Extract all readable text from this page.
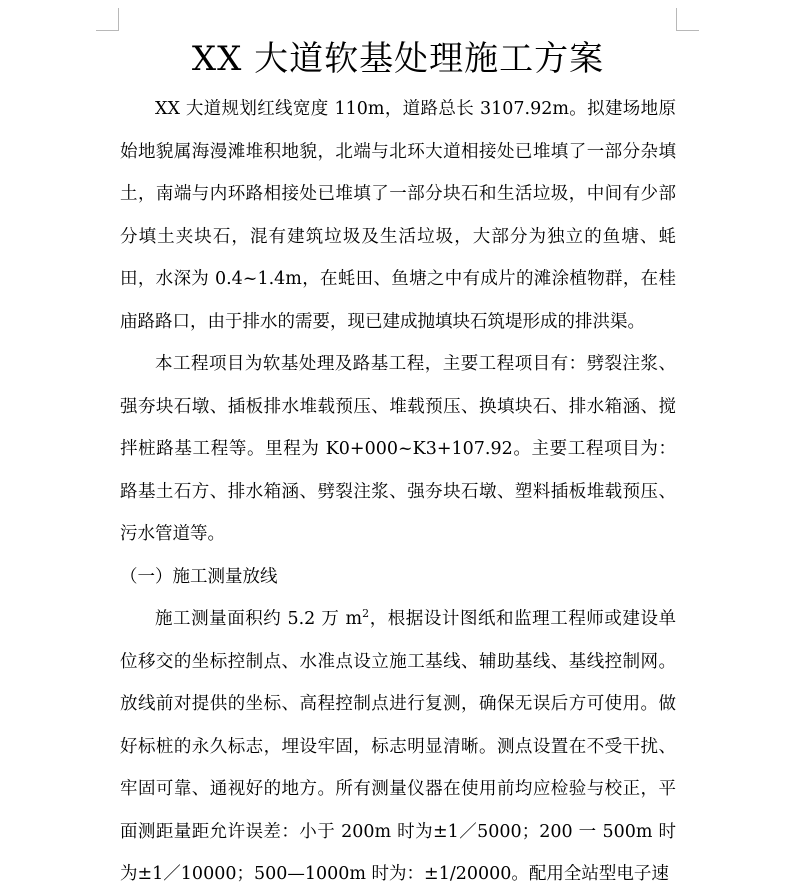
XX 大道软基处理施工方案

XX 大道规划红线宽度 110m，道路总长 3107.92m。拟建场地原始地貌属海漫滩堆积地貌，北端与北环大道相接处已堆填了一部分杂填土，南端与内环路相接处已堆填了一部分块石和生活垃圾，中间有少部分填土夹块石，混有建筑垃圾及生活垃圾，大部分为独立的鱼塘、蚝田，水深为 0.4~1.4m，在蚝田、鱼塘之中有成片的滩涂植物群，在桂庙路路口，由于排水的需要，现已建成抛填块石筑堤形成的排洪渠。

本工程项目为软基处理及路基工程，主要工程项目有：劈裂注浆、强夯块石墩、插板排水堆载预压、堆载预压、换填块石、排水箱涵、搅拌桩路基工程等。里程为 K0+000~K3+107.92。主要工程项目为：路基土石方、排水箱涵、劈裂注浆、强夯块石墩、塑料插板堆载预压、污水管道等。

（一）施工测量放线

施工测量面积约 5.2 万 $m^2$，根据设计图纸和监理工程师或建设单位移交的坐标控制点、水准点设立施工基线、辅助基线、基线控制网。放线前对提供的坐标、高程控制点进行复测，确保无误后方可使用。做好标桩的永久标志，埋设牢固，标志明显清晰。测点设置在不受干扰、牢固可靠、通视好的地方。所有测量仪器在使用前均应检验与校正，平面测距量距允许误差：小于 200m 时为±1／5000；200 一 500m 时为±1／10000；500—1000m 时为：±1/20000。配用全站型电子速
